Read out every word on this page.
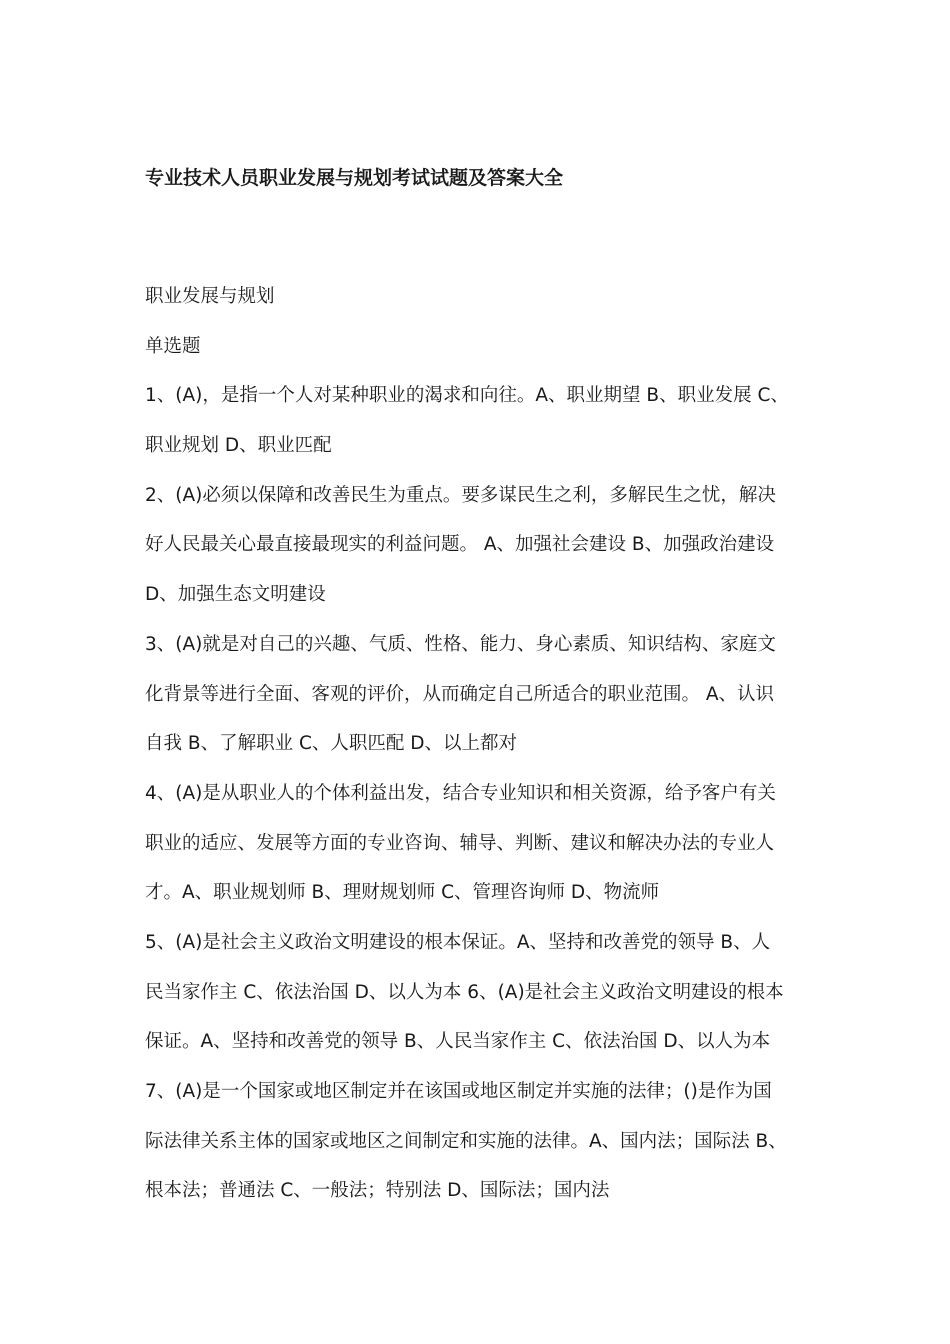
专业技术人员职业发展与规划考试试题及答案大全

职业发展与规划

单选题

1、(A)，是指一个人对某种职业的渴求和向往。A、职业期望 B、职业发展 C、

职业规划 D、职业匹配

2、(A)必须以保障和改善民生为重点。要多谋民生之利，多解民生之忧，解决

好人民最关心最直接最现实的利益问题。 A、加强社会建设 B、加强政治建设

D、加强生态文明建设

3、(A)就是对自己的兴趣、气质、性格、能力、身心素质、知识结构、家庭文

化背景等进行全面、客观的评价，从而确定自己所适合的职业范围。 A、认识

自我 B、了解职业 C、人职匹配 D、以上都对

4、(A)是从职业人的个体利益出发，结合专业知识和相关资源，给予客户有关

职业的适应、发展等方面的专业咨询、辅导、判断、建议和解决办法的专业人

才。A、职业规划师 B、理财规划师 C、管理咨询师 D、物流师

5、(A)是社会主义政治文明建设的根本保证。A、坚持和改善党的领导 B、人

民当家作主 C、依法治国 D、以人为本 6、(A)是社会主义政治文明建设的根本

保证。A、坚持和改善党的领导 B、人民当家作主 C、依法治国 D、以人为本

7、(A)是一个国家或地区制定并在该国或地区制定并实施的法律；()是作为国

际法律关系主体的国家或地区之间制定和实施的法律。A、国内法；国际法 B、

根本法；普通法 C、一般法；特别法 D、国际法；国内法
